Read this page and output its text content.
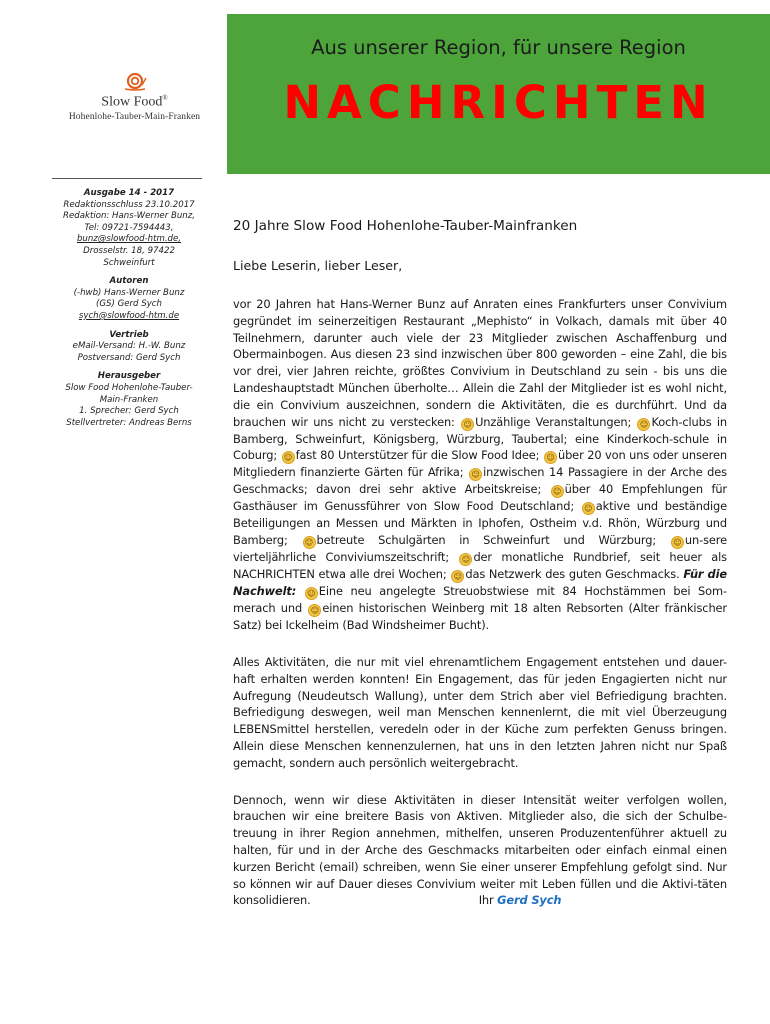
Slow Food®
Hohenlohe-Tauber-Main-Franken
Aus unserer Region, für unsere Region
NACHRICHTEN
Ausgabe 14 - 2017
Redaktionsschluss 23.10.2017
Redaktion: Hans-Werner Bunz,
Tel: 09721-7594443,
bunz@slowfood-htm.de,
Drosselstr. 18, 97422
Schweinfurt
Autoren
(-hwb) Hans-Werner Bunz
(GS) Gerd Sych
sych@slowfood-htm.de
Vertrieb
eMail-Versand: H.-W. Bunz
Postversand: Gerd Sych
Herausgeber
Slow Food Hohenlohe-Tauber-
Main-Franken
1. Sprecher: Gerd Sych
Stellvertreter: Andreas Berns
20 Jahre Slow Food Hohenlohe-Tauber-Mainfranken
Liebe Leserin, lieber Leser,

vor 20 Jahren hat Hans-Werner Bunz auf Anraten eines Frankfurters unser Convivium gegründet im seinerzeitigen Restaurant „Mephisto“ in Volkach, damals mit über 40 Teilnehmern, darunter auch viele der 23 Mitglieder zwischen Aschaffenburg und Obermainbogen. Aus diesen 23 sind inzwischen über 800 geworden – eine Zahl, die bis vor drei, vier Jahren reichte, größtes Convivium in Deutschland zu sein - bis uns die Landeshauptstadt München überholte… Allein die Zahl der Mitglieder ist es wohl nicht, die ein Convivium auszeichnen, sondern die Aktivitäten, die es durchführt. Und da brauchen wir uns nicht zu verstecken: ☺ Unzählige Veranstaltungen; ☺ Koch-clubs in Bamberg, Schweinfurt, Königsberg, Würzburg, Taubertal; eine Kinderkoch-schule in Coburg; ☺ fast 80 Unterstützer für die Slow Food Idee; ☺ über 20 von uns oder unseren Mitgliedern finanzierte Gärten für Afrika; ☺ inzwischen 14 Passagiere in der Arche des Geschmacks; davon drei sehr aktive Arbeitskreise; ☺ über 40 Empfehlungen für Gasthäuser im Genussführer von Slow Food Deutschland; ☺ aktive und beständige Beteiligungen an Messen und Märkten in Iphofen, Ostheim v.d. Rhön, Würzburg und Bamberg; ☺ betreute Schulgärten in Schweinfurt und Würzburg; ☺ un-sere vierteljährliche Conviviumszeitschrift; ☺ der monatliche Rundbrief, seit heuer als NACHRICHTEN etwa alle drei Wochen; ☺ das Netzwerk des guten Geschmacks. Für die Nachwelt: ☺ Eine neu angelegte Streuobstwiese mit 84 Hochstämmen bei Som-merach und ☺ einen historischen Weinberg mit 18 alten Rebsorten (Alter fränkischer Satz) bei Ickelheim (Bad Windsheimer Bucht).

Alles Aktivitäten, die nur mit viel ehrenamtlichem Engagement entstehen und dauer-haft erhalten werden konnten! Ein Engagement, das für jeden Engagierten nicht nur Aufregung (Neudeutsch Wallung), unter dem Strich aber viel Befriedigung brachten. Befriedigung deswegen, weil man Menschen kennenlernt, die mit viel Überzeugung LEBENSmittel herstellen, veredeln oder in der Küche zum perfekten Genuss bringen. Allein diese Menschen kennenzulernen, hat uns in den letzten Jahren nicht nur Spaß gemacht, sondern auch persönlich weitergebracht.

Dennoch, wenn wir diese Aktivitäten in dieser Intensität weiter verfolgen wollen, brauchen wir eine breitere Basis von Aktiven. Mitglieder also, die sich der Schulbe-treuung in ihrer Region annehmen, mithelfen, unseren Produzentenführer aktuell zu halten, für und in der Arche des Geschmacks mitarbeiten oder einfach einmal einen kurzen Bericht (email) schreiben, wenn Sie einer unserer Empfehlung gefolgt sind. Nur so können wir auf Dauer dieses Convivium weiter mit Leben füllen und die Aktivi-täten konsolidieren.	Ihr Gerd Sych
